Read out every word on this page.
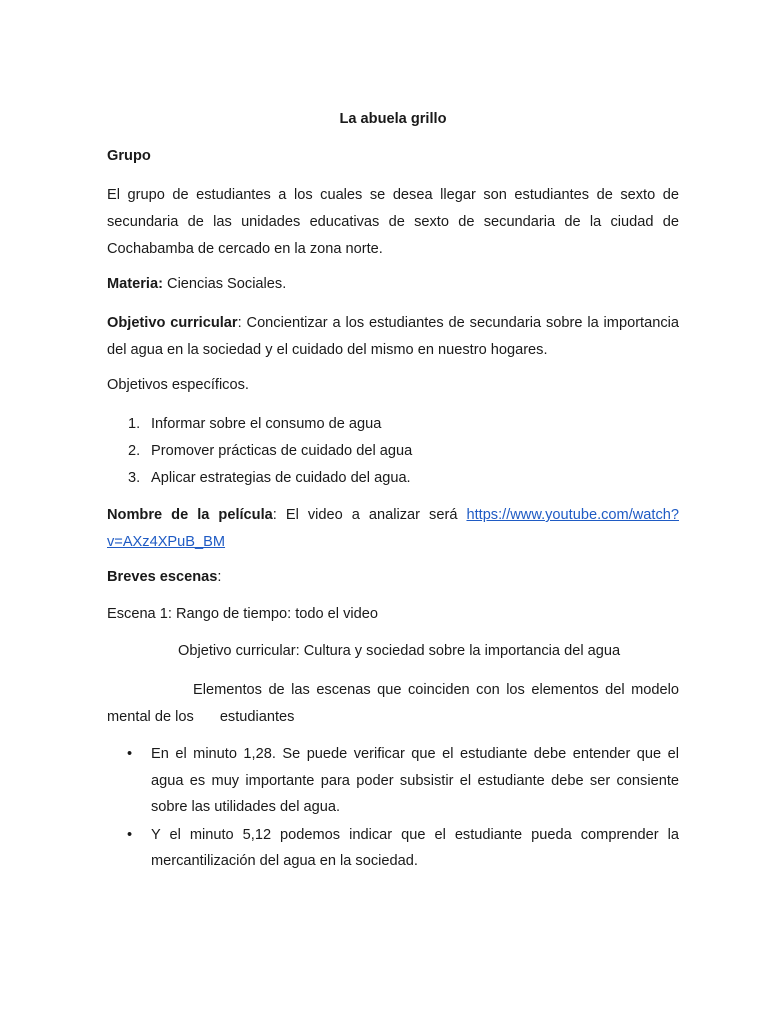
La abuela grillo

Grupo

El grupo de estudiantes a los cuales se desea llegar son estudiantes de sexto de secundaria de las unidades educativas de sexto de secundaria de la ciudad de Cochabamba de cercado en la zona norte.

Materia: Ciencias Sociales.

Objetivo curricular: Concientizar a los estudiantes de secundaria sobre la importancia del agua en la sociedad y el cuidado del mismo en nuestro hogares.

Objetivos específicos.

1. Informar sobre el consumo de agua
2. Promover prácticas de cuidado del agua
3. Aplicar estrategias de cuidado del agua.

Nombre de la película: El video a analizar será https://www.youtube.com/watch?v=AXz4XPuB_BM

Breves escenas:

Escena 1: Rango de tiempo: todo el video

Objetivo curricular: Cultura y sociedad sobre la importancia del agua

Elementos de las escenas que coinciden con los elementos del modelo mental de los estudiantes

• En el minuto 1,28. Se puede verificar que el estudiante debe entender que el agua es muy importante para poder subsistir el estudiante debe ser consiente sobre las utilidades del agua.
• Y el minuto 5,12 podemos indicar que el estudiante pueda comprender la mercantilización del agua en la sociedad.
